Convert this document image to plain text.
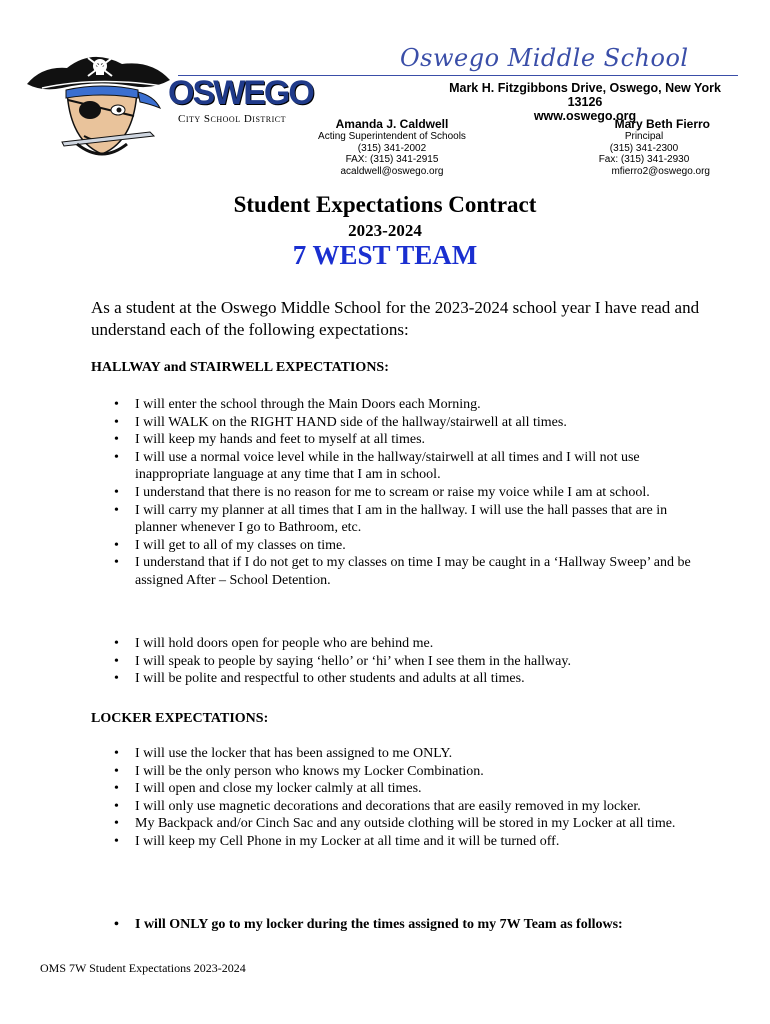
OSWEGO
City School District
Oswego Middle School
Mark H. Fitzgibbons Drive, Oswego, New York 13126
www.oswego.org
Amanda J. Caldwell
Acting Superintendent of Schools
(315) 341-2002
FAX: (315) 341-2915
acaldwell@oswego.org
Mary Beth Fierro
Principal
(315) 341-2300
Fax: (315) 341-2930
mfierro2@oswego.org
Student Expectations Contract
2023-2024
7 WEST TEAM
As a student at the Oswego Middle School for the 2023-2024 school year I have read and understand each of the following expectations:
HALLWAY and STAIRWELL EXPECTATIONS:
• I will enter the school through the Main Doors each Morning.
• I will WALK on the RIGHT HAND side of the hallway/stairwell at all times.
• I will keep my hands and feet to myself at all times.
• I will use a normal voice level while in the hallway/stairwell at all times and I will not use inappropriate language at any time that I am in school.
• I understand that there is no reason for me to scream or raise my voice while I am at school.
• I will carry my planner at all times that I am in the hallway. I will use the hall passes that are in planner whenever I go to Bathroom, etc.
• I will get to all of my classes on time.
• I understand that if I do not get to my classes on time I may be caught in a ‘Hallway Sweep’ and be assigned After – School Detention.
• I will hold doors open for people who are behind me.
• I will speak to people by saying ‘hello’ or ‘hi’ when I see them in the hallway.
• I will be polite and respectful to other students and adults at all times.
LOCKER EXPECTATIONS:
• I will use the locker that has been assigned to me ONLY.
• I will be the only person who knows my Locker Combination.
• I will open and close my locker calmly at all times.
• I will only use magnetic decorations and decorations that are easily removed in my locker.
• My Backpack and/or Cinch Sac and any outside clothing will be stored in my Locker at all time.
• I will keep my Cell Phone in my Locker at all time and it will be turned off.
• I will ONLY go to my locker during the times assigned to my 7W Team as follows:
OMS 7W Student Expectations 2023-2024
